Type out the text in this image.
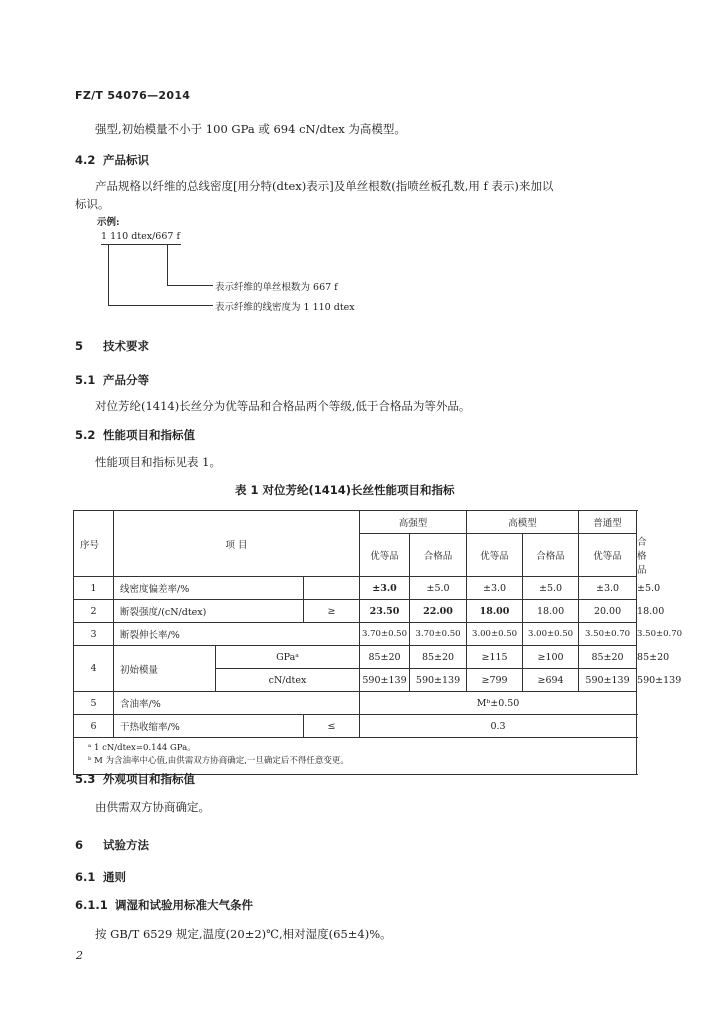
FZ/T 54076—2014
强型,初始模量不小于 100 GPa 或 694 cN/dtex 为高模型。
4.2 产品标识
产品规格以纤维的总线密度[用分特(dtex)表示]及单丝根数(指喷丝板孔数,用 f 表示)来加以
标识。
示例:
1 110 dtex/667 f
表示纤维的单丝根数为 667 f
表示纤维的线密度为 1 110 dtex
5 技术要求
5.1 产品分等
对位芳纶(1414)长丝分为优等品和合格品两个等级,低于合格品为等外品。
5.2 性能项目和指标值
性能项目和指标见表 1。
表 1 对位芳纶(1414)长丝性能项目和指标
序号	项 目			高强型		高模型		普通型	
				优等品	合格品	优等品	合格品	优等品	合格品
1	线密度偏差率/%			±3.0	±5.0	±3.0	±5.0	±3.0	±5.0
2	断裂强度/(cN/dtex)		≥	23.50	22.00	18.00	18.00	20.00	18.00
3	断裂伸长率/%			3.70±0.50	3.70±0.50	3.00±0.50	3.00±0.50	3.50±0.70	3.50±0.70
4	初始模量	GPaᵃ		85±20	85±20	≥115	≥100	85±20	85±20
		cN/dtex		590±139	590±139	≥799	≥694	590±139	590±139
5	含油率/%			Mᵇ±0.50					
6	干热收缩率/%		≤	0.3					
ᵃ 1 cN/dtex=0.144 GPa。									
ᵇ M 为含油率中心值,由供需双方协商确定,一旦确定后不得任意变更。									
5.3 外观项目和指标值
由供需双方协商确定。
6 试验方法
6.1 通则
6.1.1 调湿和试验用标准大气条件
按 GB/T 6529 规定,温度(20±2)℃,相对湿度(65±4)%。
2
